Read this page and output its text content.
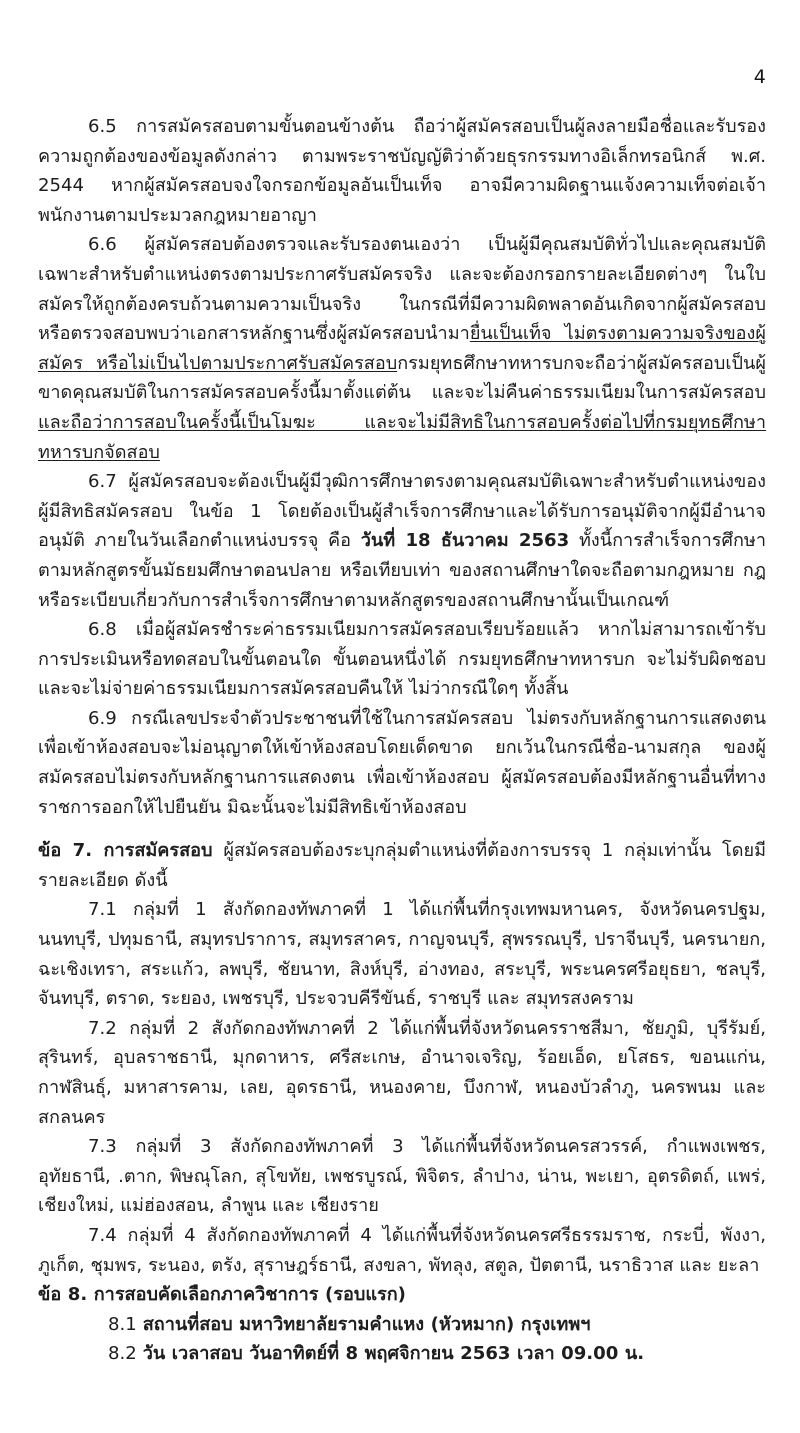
4

6.5 การสมัครสอบตามขั้นตอนข้างต้น ถือว่าผู้สมัครสอบเป็นผู้ลงลายมือชื่อและรับรองความถูกต้องของข้อมูลดังกล่าว ตามพระราชบัญญัติว่าด้วยธุรกรรมทางอิเล็กทรอนิกส์ พ.ศ. 2544 หากผู้สมัครสอบจงใจกรอกข้อมูลอันเป็นเท็จ อาจมีความผิดฐานแจ้งความเท็จต่อเจ้าพนักงานตามประมวลกฎหมายอาญา

6.6 ผู้สมัครสอบต้องตรวจและรับรองตนเองว่า เป็นผู้มีคุณสมบัติทั่วไปและคุณสมบัติเฉพาะสำหรับตำแหน่งตรงตามประกาศรับสมัครจริง และจะต้องกรอกรายละเอียดต่างๆ ในใบสมัครให้ถูกต้องครบถ้วนตามความเป็นจริง ในกรณีที่มีความผิดพลาดอันเกิดจากผู้สมัครสอบ หรือตรวจสอบพบว่าเอกสารหลักฐานซึ่งผู้สมัครสอบนำมายื่นเป็นเท็จ ไม่ตรงตามความจริงของผู้สมัคร หรือไม่เป็นไปตามประกาศรับสมัครสอบกรมยุทธศึกษาทหารบกจะถือว่าผู้สมัครสอบเป็นผู้ขาดคุณสมบัติในการสมัครสอบครั้งนี้มาตั้งแต่ต้น และจะไม่คืนค่าธรรมเนียมในการสมัครสอบ และถือว่าการสอบในครั้งนี้เป็นโมฆะ และจะไม่มีสิทธิในการสอบครั้งต่อไปที่กรมยุทธศึกษาทหารบกจัดสอบ

6.7 ผู้สมัครสอบจะต้องเป็นผู้มีวุฒิการศึกษาตรงตามคุณสมบัติเฉพาะสำหรับตำแหน่งของผู้มีสิทธิสมัครสอบ ในข้อ 1 โดยต้องเป็นผู้สำเร็จการศึกษาและได้รับการอนุมัติจากผู้มีอำนาจอนุมัติ ภายในวันเลือกตำแหน่งบรรจุ คือ วันที่ 18 ธันวาคม 2563 ทั้งนี้การสำเร็จการศึกษาตามหลักสูตรขั้นมัธยมศึกษาตอนปลาย หรือเทียบเท่า ของสถานศึกษาใดจะถือตามกฎหมาย กฎหรือระเบียบเกี่ยวกับการสำเร็จการศึกษาตามหลักสูตรของสถานศึกษานั้นเป็นเกณฑ์

6.8 เมื่อผู้สมัครชำระค่าธรรมเนียมการสมัครสอบเรียบร้อยแล้ว หากไม่สามารถเข้ารับการประเมินหรือทดสอบในขั้นตอนใด ขั้นตอนหนึ่งได้ กรมยุทธศึกษาทหารบก จะไม่รับผิดชอบและจะไม่จ่ายค่าธรรมเนียมการสมัครสอบคืนให้ ไม่ว่ากรณีใดๆ ทั้งสิ้น

6.9 กรณีเลขประจำตัวประชาชนที่ใช้ในการสมัครสอบ ไม่ตรงกับหลักฐานการแสดงตนเพื่อเข้าห้องสอบจะไม่อนุญาตให้เข้าห้องสอบโดยเด็ดขาด ยกเว้นในกรณีชื่อ-นามสกุล ของผู้สมัครสอบไม่ตรงกับหลักฐานการแสดงตน เพื่อเข้าห้องสอบ ผู้สมัครสอบต้องมีหลักฐานอื่นที่ทางราชการออกให้ไปยืนยัน มิฉะนั้นจะไม่มีสิทธิเข้าห้องสอบ

ข้อ 7. การสมัครสอบ ผู้สมัครสอบต้องระบุกลุ่มตำแหน่งที่ต้องการบรรจุ 1 กลุ่มเท่านั้น โดยมีรายละเอียด ดังนี้

7.1 กลุ่มที่ 1 สังกัดกองทัพภาคที่ 1 ได้แก่พื้นที่กรุงเทพมหานคร, จังหวัดนครปฐม, นนทบุรี, ปทุมธานี, สมุทรปราการ, สมุทรสาคร, กาญจนบุรี, สุพรรณบุรี, ปราจีนบุรี, นครนายก, ฉะเชิงเทรา, สระแก้ว, ลพบุรี, ชัยนาท, สิงห์บุรี, อ่างทอง, สระบุรี, พระนครศรีอยุธยา, ชลบุรี, จันทบุรี, ตราด, ระยอง, เพชรบุรี, ประจวบคีรีขันธ์, ราชบุรี และ สมุทรสงคราม

7.2 กลุ่มที่ 2 สังกัดกองทัพภาคที่ 2 ได้แก่พื้นที่จังหวัดนครราชสีมา, ชัยภูมิ, บุรีรัมย์, สุรินทร์, อุบลราชธานี, มุกดาหาร, ศรีสะเกษ, อำนาจเจริญ, ร้อยเอ็ด, ยโสธร, ขอนแก่น, กาฬสินธุ์, มหาสารคาม, เลย, อุดรธานี, หนองคาย, บึงกาฬ, หนองบัวลำภู, นครพนม และ สกลนคร

7.3 กลุ่มที่ 3 สังกัดกองทัพภาคที่ 3 ได้แก่พื้นที่จังหวัดนครสวรรค์, กำแพงเพชร, อุทัยธานี, .ตาก, พิษณุโลก, สุโขทัย, เพชรบูรณ์, พิจิตร, ลำปาง, น่าน, พะเยา, อุตรดิตถ์, แพร่, เชียงใหม่, แม่ฮ่องสอน, ลำพูน และ เชียงราย

7.4 กลุ่มที่ 4 สังกัดกองทัพภาคที่ 4 ได้แก่พื้นที่จังหวัดนครศรีธรรมราช, กระบี่, พังงา, ภูเก็ต, ชุมพร, ระนอง, ตรัง, สุราษฎร์ธานี, สงขลา, พัทลุง, สตูล, ปัตตานี, นราธิวาส และ ยะลา

ข้อ 8. การสอบคัดเลือกภาควิชาการ (รอบแรก)

8.1 สถานที่สอบ มหาวิทยาลัยรามคำแหง (หัวหมาก) กรุงเทพฯ

8.2 วัน เวลาสอบ วันอาทิตย์ที่ 8 พฤศจิกายน 2563 เวลา 09.00 น.
